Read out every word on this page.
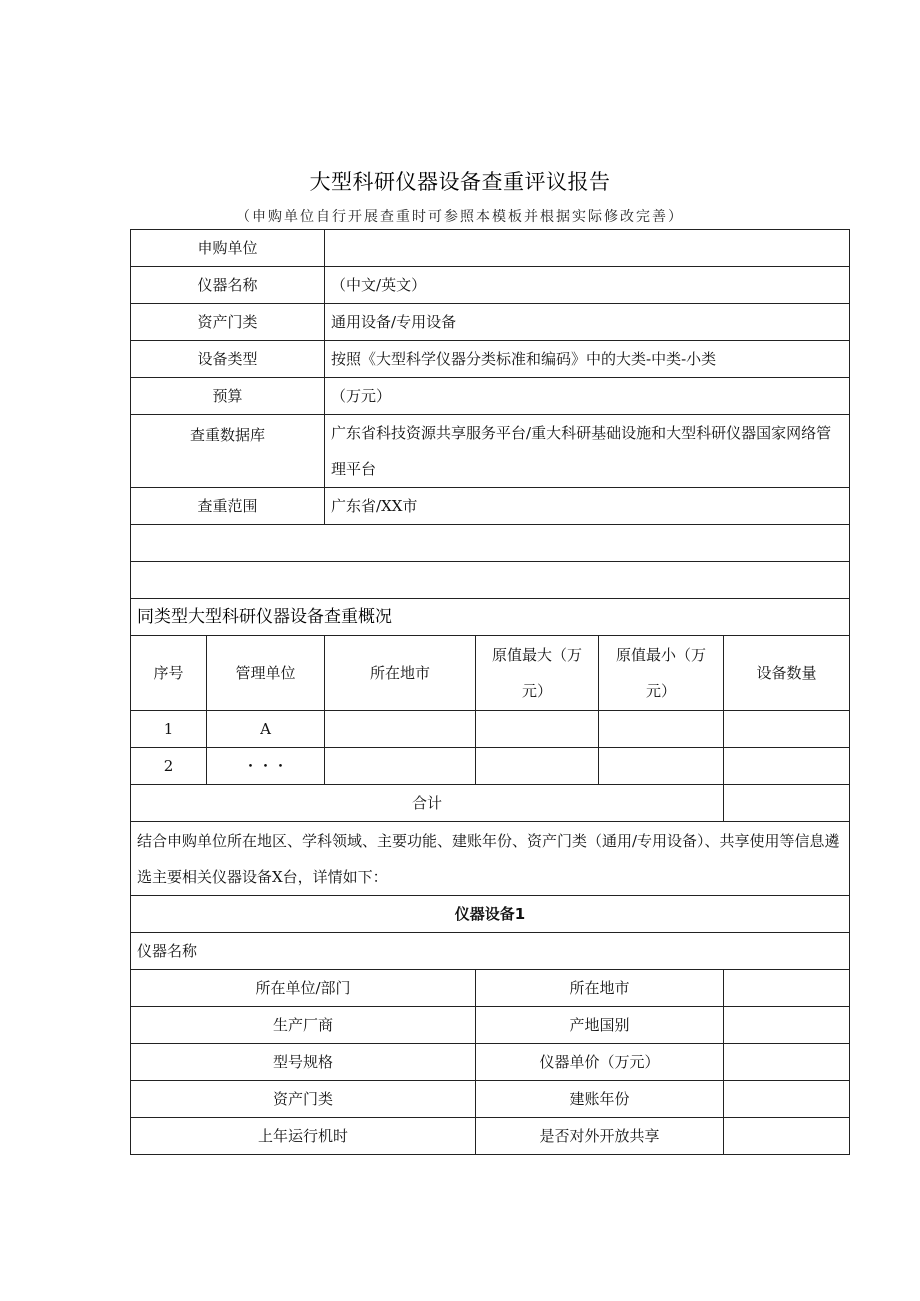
大型科研仪器设备查重评议报告
（申购单位自行开展查重时可参照本模板并根据实际修改完善）
申购单位					
仪器名称		（中文/英文）			
资产门类		通用设备/专用设备			
设备类型		按照《大型科学仪器分类标准和编码》中的大类-中类-小类			
预算		（万元）			
查重数据库		广东省科技资源共享服务平台/重大科研基础设施和大型科研仪器国家网络管理平台			
查重范围		广东省/XX市			

同类型大型科研仪器设备查重概况					
序号	管理单位	所在地市	原值最大（万元）	原值最小（万元）	设备数量
1	A				
2	・・・				
合计					
结合申购单位所在地区、学科领域、主要功能、建账年份、资产门类（通用/专用设备）、共享使用等信息遴选主要相关仪器设备X台，详情如下：					
仪器设备1					
仪器名称					
所在单位/部门			所在地市		
生产厂商			产地国别		
型号规格			仪器单价（万元）		
资产门类			建账年份		
上年运行机时			是否对外开放共享		
